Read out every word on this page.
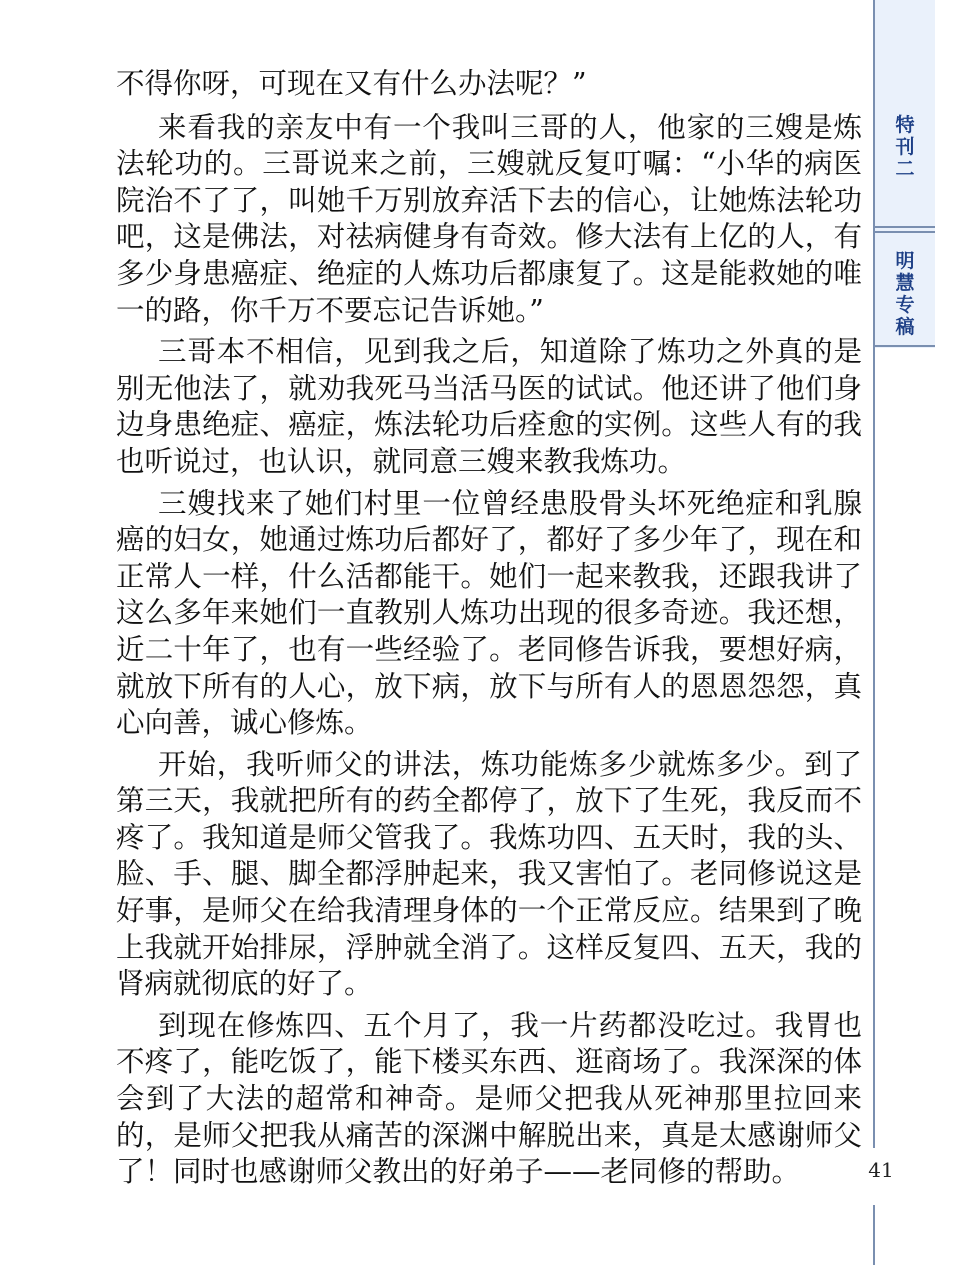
特
刊
二
明
慧
专
稿

不得你呀，可现在又有什么办法呢？”

来看我的亲友中有一个我叫三哥的人，他家的三嫂是炼法轮功的。三哥说来之前，三嫂就反复叮嘱：“小华的病医院治不了了，叫她千万别放弃活下去的信心，让她炼法轮功吧，这是佛法，对祛病健身有奇效。修大法有上亿的人，有多少身患癌症、绝症的人炼功后都康复了。这是能救她的唯一的路，你千万不要忘记告诉她。”

三哥本不相信，见到我之后，知道除了炼功之外真的是别无他法了，就劝我死马当活马医的试试。他还讲了他们身边身患绝症、癌症，炼法轮功后痊愈的实例。这些人有的我也听说过，也认识，就同意三嫂来教我炼功。

三嫂找来了她们村里一位曾经患股骨头坏死绝症和乳腺癌的妇女，她通过炼功后都好了，都好了多少年了，现在和正常人一样，什么活都能干。她们一起来教我，还跟我讲了这么多年来她们一直教别人炼功出现的很多奇迹。我还想，近二十年了，也有一些经验了。老同修告诉我，要想好病，就放下所有的人心，放下病，放下与所有人的恩恩怨怨，真心向善，诚心修炼。

开始，我听师父的讲法，炼功能炼多少就炼多少。到了第三天，我就把所有的药全都停了，放下了生死，我反而不疼了。我知道是师父管我了。我炼功四、五天时，我的头、脸、手、腿、脚全都浮肿起来，我又害怕了。老同修说这是好事，是师父在给我清理身体的一个正常反应。结果到了晚上我就开始排尿，浮肿就全消了。这样反复四、五天，我的肾病就彻底的好了。

到现在修炼四、五个月了，我一片药都没吃过。我胃也不疼了，能吃饭了，能下楼买东西、逛商场了。我深深的体会到了大法的超常和神奇。是师父把我从死神那里拉回来的，是师父把我从痛苦的深渊中解脱出来，真是太感谢师父了！同时也感谢师父教出的好弟子——老同修的帮助。	41
